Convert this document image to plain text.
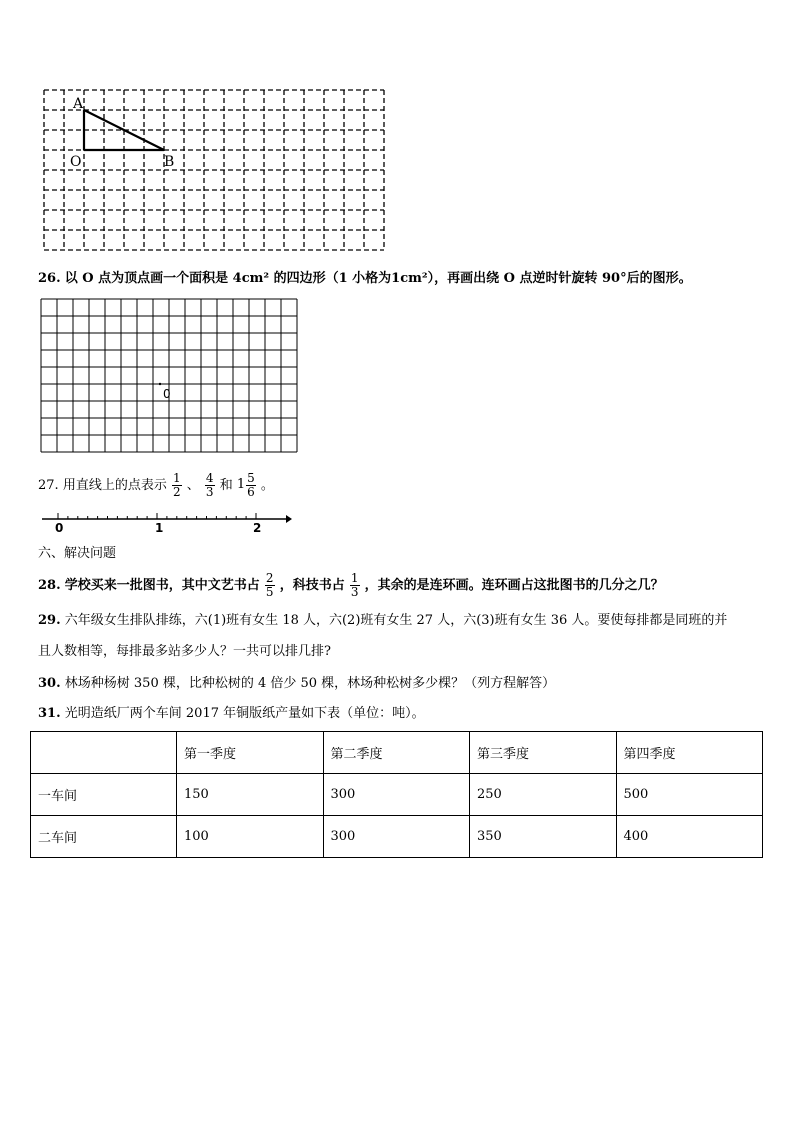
A
O	B
26. 以 O 点为顶点画一个面积是 4cm² 的四边形（1 小格为1cm²），再画出绕 O 点逆时针旋转 90°后的图形。
0
27. 用直线上的点表示 $\frac{1}{2}$ 、 $\frac{4}{3}$ 和 $1 \frac{5}{6}$ 。
0	1	2
六、解决问题
28. 学校买来一批图书，其中文艺书占 $\frac{2}{5}$ ，科技书占 $\frac{1}{3}$ ，其余的是连环画。连环画占这批图书的几分之几？
29. 六年级女生排队排练，六(1)班有女生 18 人，六(2)班有女生 27 人，六(3)班有女生 36 人。要使每排都是同班的并
且人数相等，每排最多站多少人？一共可以排几排?
30. 林场种杨树 350 棵，比种松树的 4 倍少 50 棵，林场种松树多少棵？（列方程解答）
31. 光明造纸厂两个车间 2017 年铜版纸产量如下表（单位：吨）。
	第一季度	第二季度	第三季度	第四季度
一车间	150	300	250	500
二车间	100	300	350	400
